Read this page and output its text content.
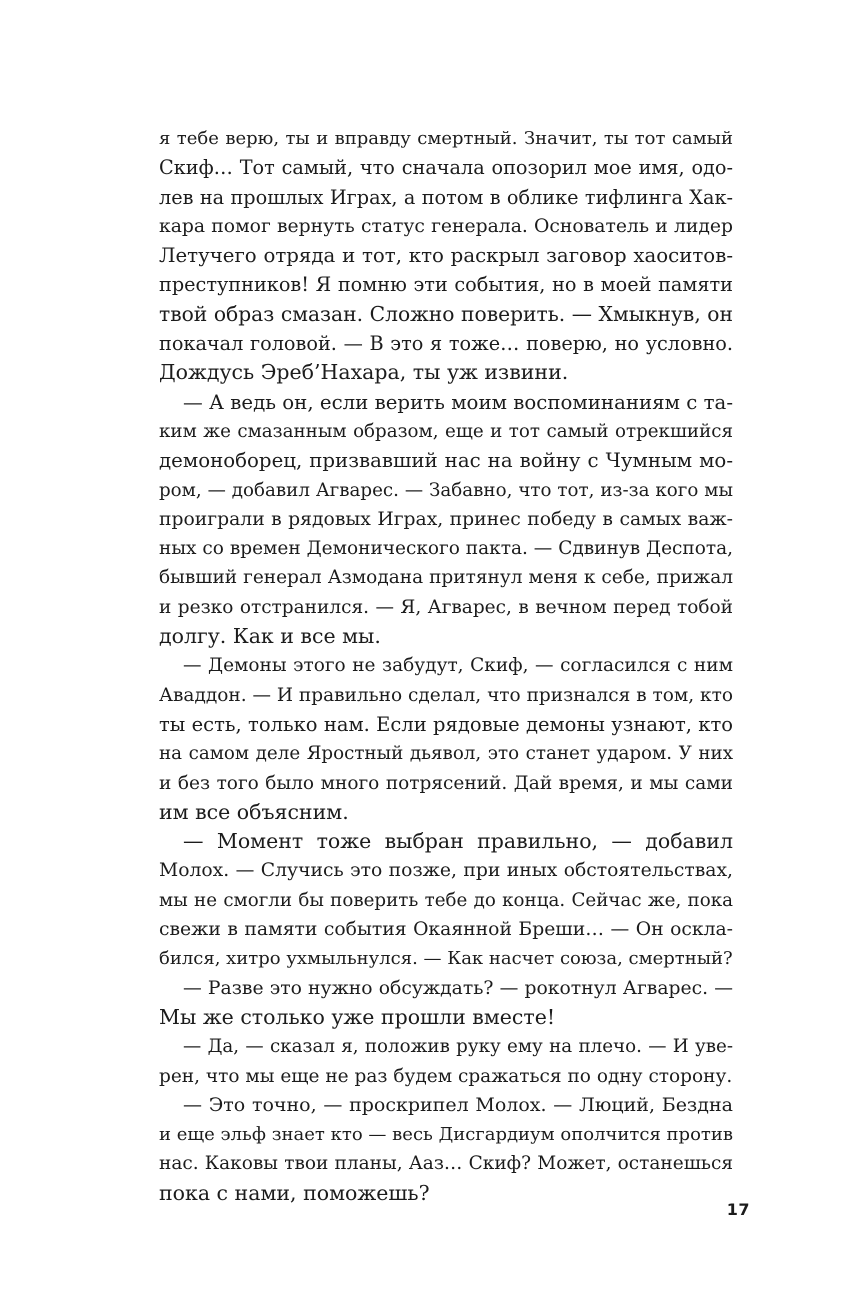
я тебе верю, ты и вправду смертный. Значит, ты тот самый
Скиф… Тот самый, что сначала опозорил мое имя, одо-
лев на прошлых Играх, а потом в облике тифлинга Хак-
кара помог вернуть статус генерала. Основатель и лидер
Летучего отряда и тот, кто раскрыл заговор хаоситов-
преступников! Я помню эти события, но в моей памяти
твой образ смазан. Сложно поверить. — Хмыкнув, он
покачал головой. — В это я тоже… поверю, но условно.
Дождусь Эреб’Нахара, ты уж извини.
— А ведь он, если верить моим воспоминаниям с та-
ким же смазанным образом, еще и тот самый отрекшийся
демоноборец, призвавший нас на войну с Чумным мо-
ром, — добавил Агварес. — Забавно, что тот, из-за кого мы
проиграли в рядовых Играх, принес победу в самых важ-
ных со времен Демонического пакта. — Сдвинув Деспота,
бывший генерал Азмодана притянул меня к себе, прижал
и резко отстранился. — Я, Агварес, в вечном перед тобой
долгу. Как и все мы.
— Демоны этого не забудут, Скиф, — согласился с ним
Аваддон. — И правильно сделал, что признался в том, кто
ты есть, только нам. Если рядовые демоны узнают, кто
на самом деле Яростный дьявол, это станет ударом. У них
и без того было много потрясений. Дай время, и мы сами
им все объясним.
— Момент тоже выбран правильно, — добавил
Молох. — Случись это позже, при иных обстоятельствах,
мы не смогли бы поверить тебе до конца. Сейчас же, пока
свежи в памяти события Окаянной Бреши… — Он оскла-
бился, хитро ухмыльнулся. — Как насчет союза, смертный?
— Разве это нужно обсуждать? — рокотнул Агварес. —
Мы же столько уже прошли вместе!
— Да, — сказал я, положив руку ему на плечо. — И уве-
рен, что мы еще не раз будем сражаться по одну сторону.
— Это точно, — проскрипел Молох. — Люций, Бездна
и еще эльф знает кто — весь Дисгардиум ополчится против
нас. Каковы твои планы, Ааз… Скиф? Может, останешься
пока с нами, поможешь?
17
